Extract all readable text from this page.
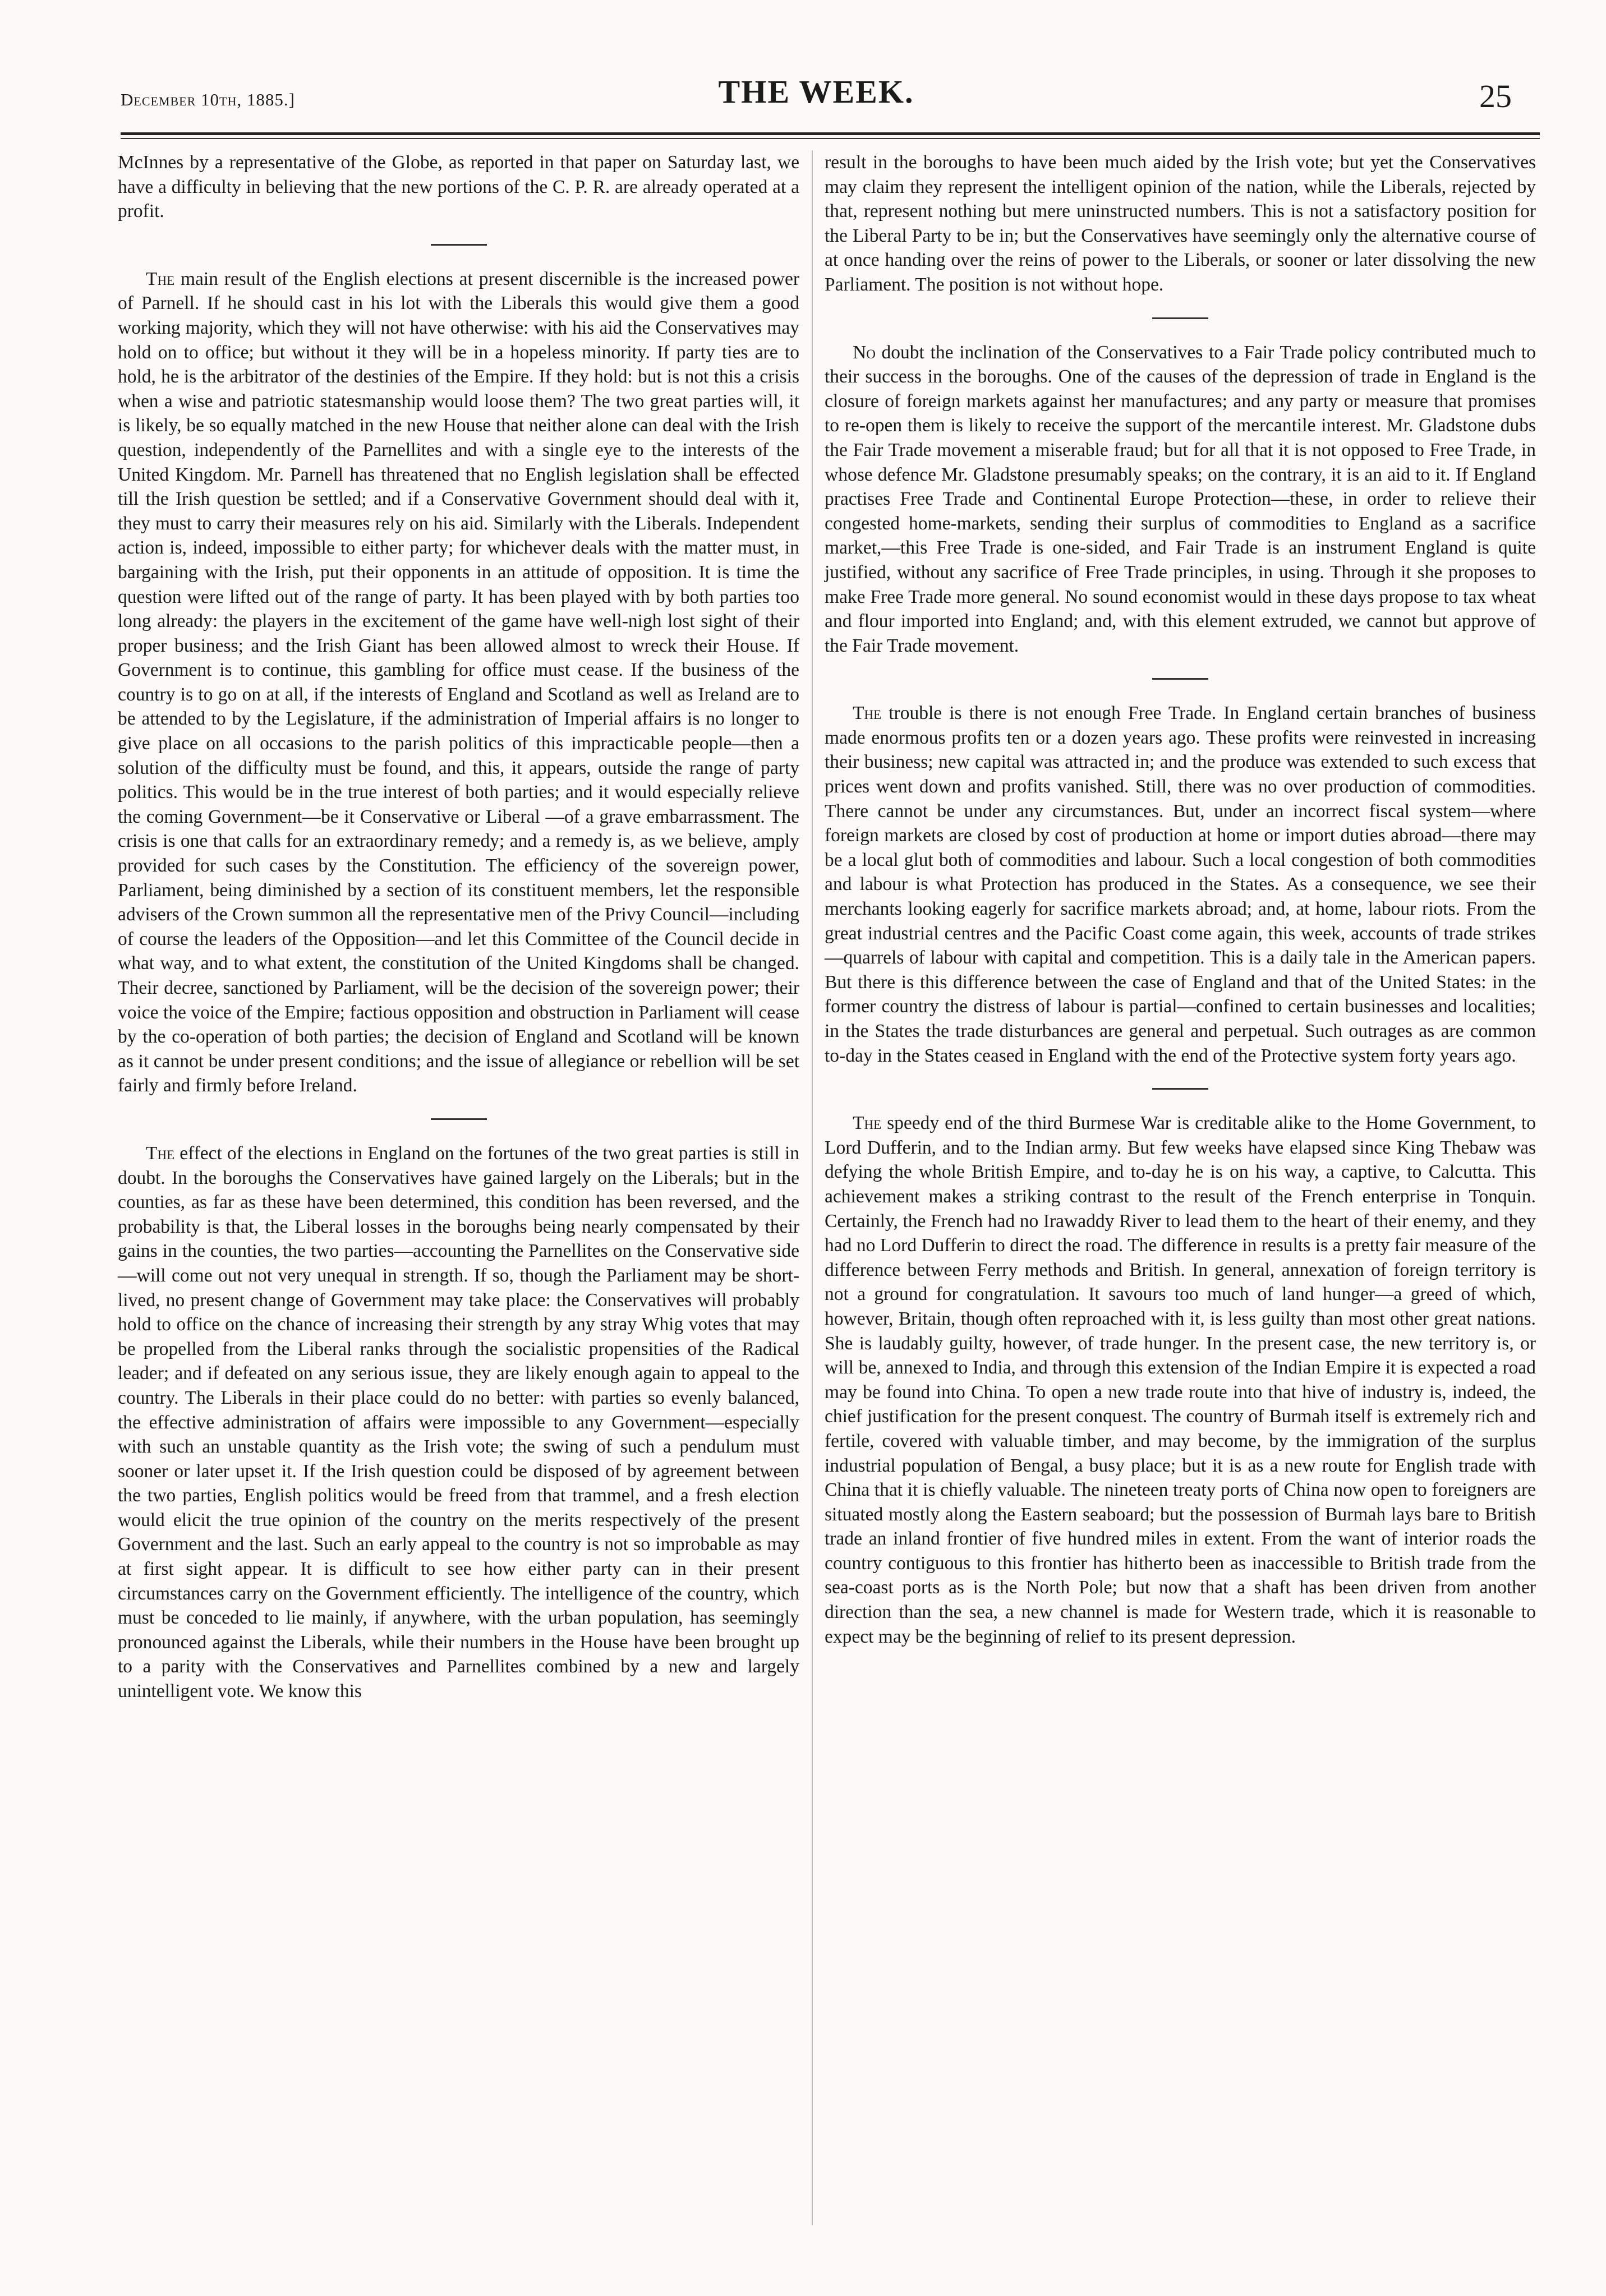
December 10th, 1885.]	THE WEEK.	25

McInnes by a representative of the Globe, as reported in that paper on Saturday last, we have a difficulty in believing that the new portions of the C. P. R. are already operated at a profit.

The main result of the English elections at present discernible is the increased power of Parnell. If he should cast in his lot with the Liberals this would give them a good working majority, which they will not have otherwise: with his aid the Conservatives may hold on to office; but without it they will be in a hopeless minority. If party ties are to hold, he is the arbitrator of the destinies of the Empire. If they hold: but is not this a crisis when a wise and patriotic statesmanship would loose them? The two great parties will, it is likely, be so equally matched in the new House that neither alone can deal with the Irish question, independently of the Parnellites and with a single eye to the interests of the United Kingdom. Mr. Parnell has threatened that no English legislation shall be effected till the Irish question be settled; and if a Conservative Government should deal with it, they must to carry their measures rely on his aid. Similarly with the Liberals. Independent action is, indeed, impossible to either party; for whichever deals with the matter must, in bargaining with the Irish, put their opponents in an attitude of opposition. It is time the question were lifted out of the range of party. It has been played with by both parties too long already: the players in the excitement of the game have well-nigh lost sight of their proper business; and the Irish Giant has been allowed almost to wreck their House. If Government is to continue, this gambling for office must cease. If the business of the country is to go on at all, if the interests of England and Scotland as well as Ireland are to be attended to by the Legislature, if the administration of Imperial affairs is no longer to give place on all occasions to the parish politics of this impracticable people—then a solution of the difficulty must be found, and this, it appears, outside the range of party politics. This would be in the true interest of both parties; and it would especially relieve the coming Government—be it Conservative or Liberal —of a grave embarrassment. The crisis is one that calls for an extraordinary remedy; and a remedy is, as we believe, amply provided for such cases by the Constitution. The efficiency of the sovereign power, Parliament, being diminished by a section of its constituent members, let the responsible advisers of the Crown summon all the representative men of the Privy Council—including of course the leaders of the Opposition—and let this Committee of the Council decide in what way, and to what extent, the constitution of the United Kingdoms shall be changed. Their decree, sanctioned by Parliament, will be the decision of the sovereign power; their voice the voice of the Empire; factious opposition and obstruction in Parliament will cease by the co-operation of both parties; the decision of England and Scotland will be known as it cannot be under present conditions; and the issue of allegiance or rebellion will be set fairly and firmly before Ireland.

The effect of the elections in England on the fortunes of the two great parties is still in doubt. In the boroughs the Conservatives have gained largely on the Liberals; but in the counties, as far as these have been determined, this condition has been reversed, and the probability is that, the Liberal losses in the boroughs being nearly compensated by their gains in the counties, the two parties—accounting the Parnellites on the Conservative side—will come out not very unequal in strength. If so, though the Parliament may be short-lived, no present change of Government may take place: the Conservatives will probably hold to office on the chance of increasing their strength by any stray Whig votes that may be propelled from the Liberal ranks through the socialistic propensities of the Radical leader; and if defeated on any serious issue, they are likely enough again to appeal to the country. The Liberals in their place could do no better: with parties so evenly balanced, the effective administration of affairs were impossible to any Government—especially with such an unstable quantity as the Irish vote; the swing of such a pendulum must sooner or later upset it. If the Irish question could be disposed of by agreement between the two parties, English politics would be freed from that trammel, and a fresh election would elicit the true opinion of the country on the merits respectively of the present Government and the last. Such an early appeal to the country is not so improbable as may at first sight appear. It is difficult to see how either party can in their present circumstances carry on the Government efficiently. The intelligence of the country, which must be conceded to lie mainly, if anywhere, with the urban population, has seemingly pronounced against the Liberals, while their numbers in the House have been brought up to a parity with the Conservatives and Parnellites combined by a new and largely unintelligent vote. We know this

result in the boroughs to have been much aided by the Irish vote; but yet the Conservatives may claim they represent the intelligent opinion of the nation, while the Liberals, rejected by that, represent nothing but mere uninstructed numbers. This is not a satisfactory position for the Liberal Party to be in; but the Conservatives have seemingly only the alternative course of at once handing over the reins of power to the Liberals, or sooner or later dissolving the new Parliament. The position is not without hope.

No doubt the inclination of the Conservatives to a Fair Trade policy contributed much to their success in the boroughs. One of the causes of the depression of trade in England is the closure of foreign markets against her manufactures; and any party or measure that promises to re-open them is likely to receive the support of the mercantile interest. Mr. Gladstone dubs the Fair Trade movement a miserable fraud; but for all that it is not opposed to Free Trade, in whose defence Mr. Gladstone presumably speaks; on the contrary, it is an aid to it. If England practises Free Trade and Continental Europe Protection—these, in order to relieve their congested home-markets, sending their surplus of commodities to England as a sacrifice market,—this Free Trade is one-sided, and Fair Trade is an instrument England is quite justified, without any sacrifice of Free Trade principles, in using. Through it she proposes to make Free Trade more general. No sound economist would in these days propose to tax wheat and flour imported into England; and, with this element extruded, we cannot but approve of the Fair Trade movement.

The trouble is there is not enough Free Trade. In England certain branches of business made enormous profits ten or a dozen years ago. These profits were reinvested in increasing their business; new capital was attracted in; and the produce was extended to such excess that prices went down and profits vanished. Still, there was no over production of commodities. There cannot be under any circumstances. But, under an incorrect fiscal system—where foreign markets are closed by cost of production at home or import duties abroad—there may be a local glut both of commodities and labour. Such a local congestion of both commodities and labour is what Protection has produced in the States. As a consequence, we see their merchants looking eagerly for sacrifice markets abroad; and, at home, labour riots. From the great industrial centres and the Pacific Coast come again, this week, accounts of trade strikes—quarrels of labour with capital and competition. This is a daily tale in the American papers. But there is this difference between the case of England and that of the United States: in the former country the distress of labour is partial—confined to certain businesses and localities; in the States the trade disturbances are general and perpetual. Such outrages as are common to-day in the States ceased in England with the end of the Protective system forty years ago.

The speedy end of the third Burmese War is creditable alike to the Home Government, to Lord Dufferin, and to the Indian army. But few weeks have elapsed since King Thebaw was defying the whole British Empire, and to-day he is on his way, a captive, to Calcutta. This achievement makes a striking contrast to the result of the French enterprise in Tonquin. Certainly, the French had no Irawaddy River to lead them to the heart of their enemy, and they had no Lord Dufferin to direct the road. The difference in results is a pretty fair measure of the difference between Ferry methods and British. In general, annexation of foreign territory is not a ground for congratulation. It savours too much of land hunger—a greed of which, however, Britain, though often reproached with it, is less guilty than most other great nations. She is laudably guilty, however, of trade hunger. In the present case, the new territory is, or will be, annexed to India, and through this extension of the Indian Empire it is expected a road may be found into China. To open a new trade route into that hive of industry is, indeed, the chief justification for the present conquest. The country of Burmah itself is extremely rich and fertile, covered with valuable timber, and may become, by the immigration of the surplus industrial population of Bengal, a busy place; but it is as a new route for English trade with China that it is chiefly valuable. The nineteen treaty ports of China now open to foreigners are situated mostly along the Eastern seaboard; but the possession of Burmah lays bare to British trade an inland frontier of five hundred miles in extent. From the want of interior roads the country contiguous to this frontier has hitherto been as inaccessible to British trade from the sea-coast ports as is the North Pole; but now that a shaft has been driven from another direction than the sea, a new channel is made for Western trade, which it is reasonable to expect may be the beginning of relief to its present depression.
